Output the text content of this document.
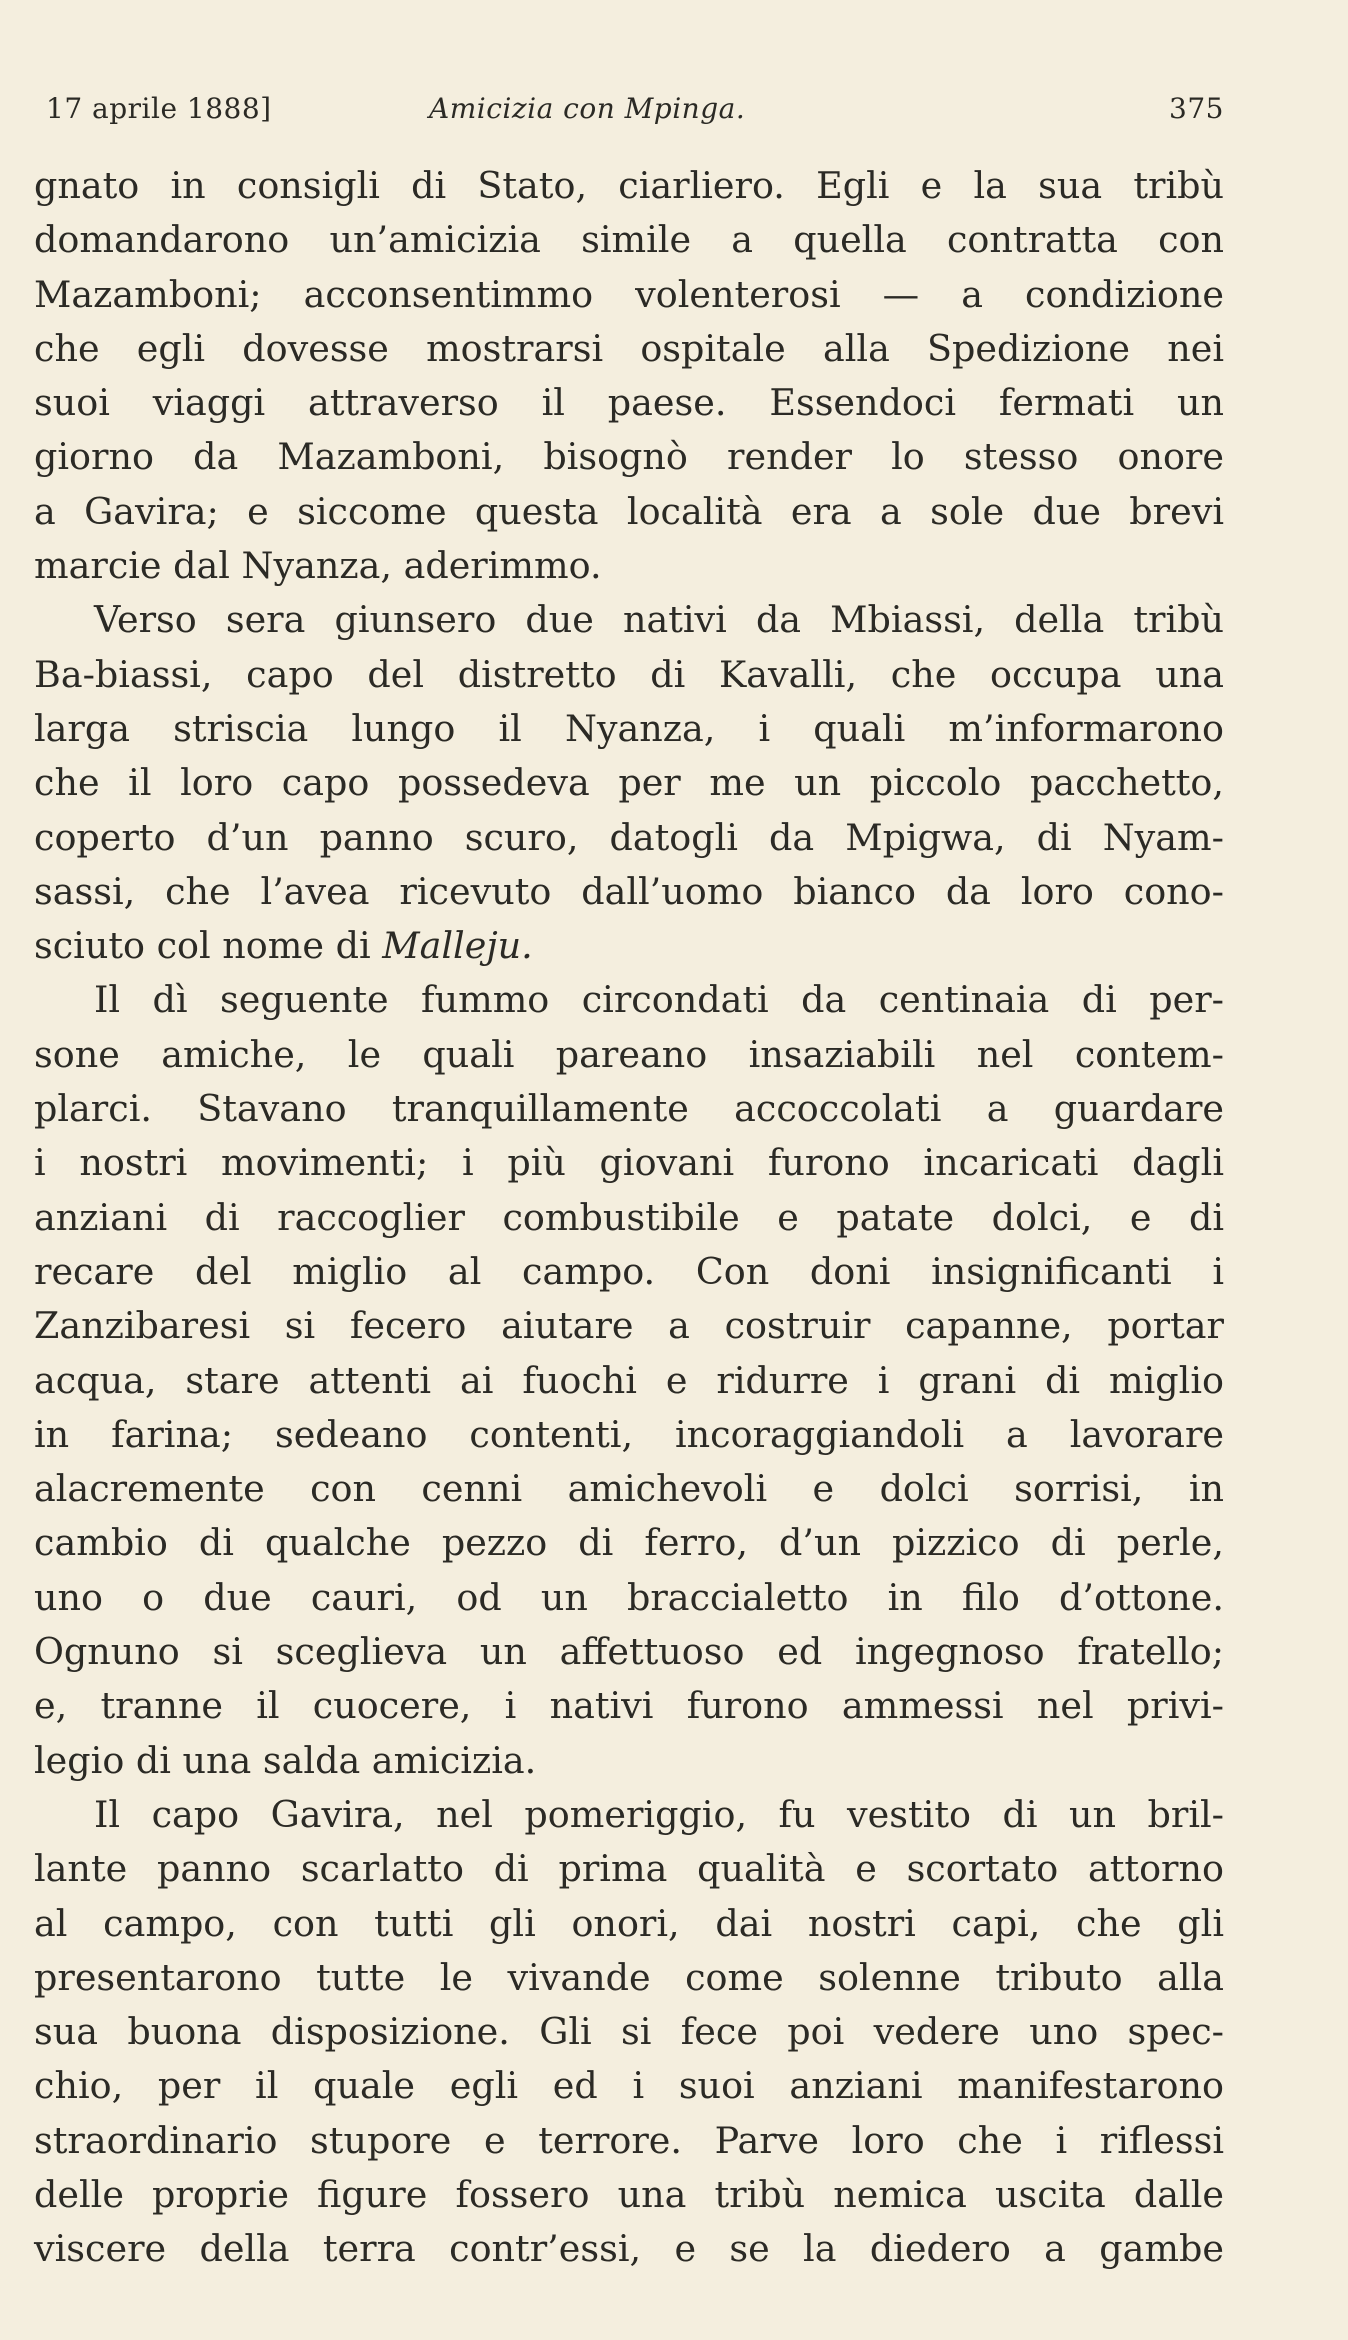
17 aprile 1888]	Amicizia con Mpinga.	375
gnato in consigli di Stato, ciarliero. Egli e la sua tribù
domandarono un’amicizia simile a quella contratta con
Mazamboni; acconsentimmo volenterosi — a condizione
che egli dovesse mostrarsi ospitale alla Spedizione nei
suoi viaggi attraverso il paese. Essendoci fermati un
giorno da Mazamboni, bisognò render lo stesso onore
a Gavira; e siccome questa località era a sole due brevi
marcie dal Nyanza, aderimmo.
Verso sera giunsero due nativi da Mbiassi, della tribù
Ba-biassi, capo del distretto di Kavalli, che occupa una
larga striscia lungo il Nyanza, i quali m’informarono
che il loro capo possedeva per me un piccolo pacchetto,
coperto d’un panno scuro, datogli da Mpigwa, di Nyam-
sassi, che l’avea ricevuto dall’uomo bianco da loro cono-
sciuto col nome di Malleju.
Il dì seguente fummo circondati da centinaia di per-
sone amiche, le quali pareano insaziabili nel contem-
plarci. Stavano tranquillamente accoccolati a guardare
i nostri movimenti; i più giovani furono incaricati dagli
anziani di raccoglier combustibile e patate dolci, e di
recare del miglio al campo. Con doni insignificanti i
Zanzibaresi si fecero aiutare a costruir capanne, portar
acqua, stare attenti ai fuochi e ridurre i grani di miglio
in farina; sedeano contenti, incoraggiandoli a lavorare
alacremente con cenni amichevoli e dolci sorrisi, in
cambio di qualche pezzo di ferro, d’un pizzico di perle,
uno o due cauri, od un braccialetto in filo d’ottone.
Ognuno si sceglieva un affettuoso ed ingegnoso fratello;
e, tranne il cuocere, i nativi furono ammessi nel privi-
legio di una salda amicizia.
Il capo Gavira, nel pomeriggio, fu vestito di un bril-
lante panno scarlatto di prima qualità e scortato attorno
al campo, con tutti gli onori, dai nostri capi, che gli
presentarono tutte le vivande come solenne tributo alla
sua buona disposizione. Gli si fece poi vedere uno spec-
chio, per il quale egli ed i suoi anziani manifestarono
straordinario stupore e terrore. Parve loro che i riflessi
delle proprie figure fossero una tribù nemica uscita dalle
viscere della terra contr’essi, e se la diedero a gambe
